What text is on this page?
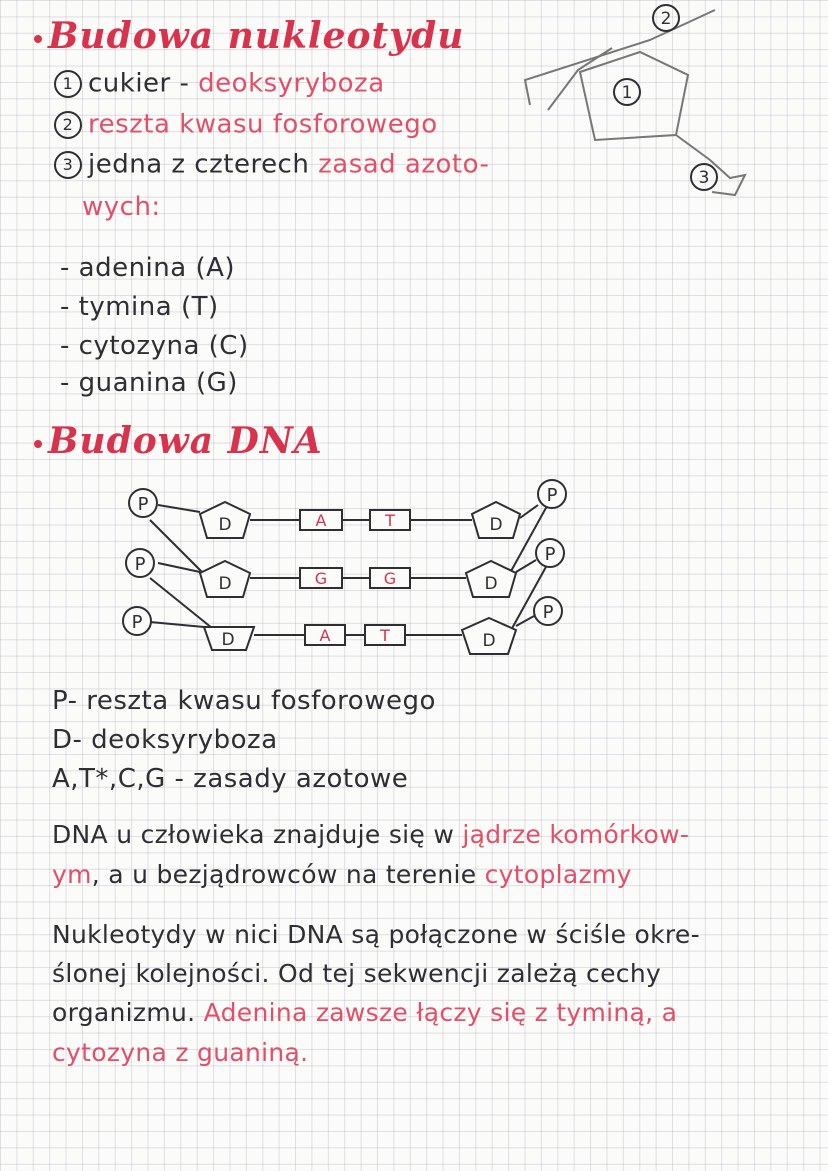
Budowa nukleotydu
1 cukier - deoksyryboza
2 reszta kwasu fosforowego
3 jedna z czterech zasad azoto-
wych:
- adenina (A)
- tymina (T)
- cytozyna (C)
- guanina (G)
2
1
3
Budowa DNA
P
P
P
P
P
P
D
D
D
D
D
D
A	T
G	G
A	T
P- reszta kwasu fosforowego
D- deoksyryboza
A,T*,C,G - zasady azotowe
DNA u człowieka znajduje się w jądrze komórkow-
ym, a u bezjądrowców na terenie cytoplazmy
Nukleotydy w nici DNA są połączone w ściśle okre-
ślonej kolejności. Od tej sekwencji zależą cechy
organizmu. Adenina zawsze łączy się z tyminą, a
cytozyna z guaniną.
